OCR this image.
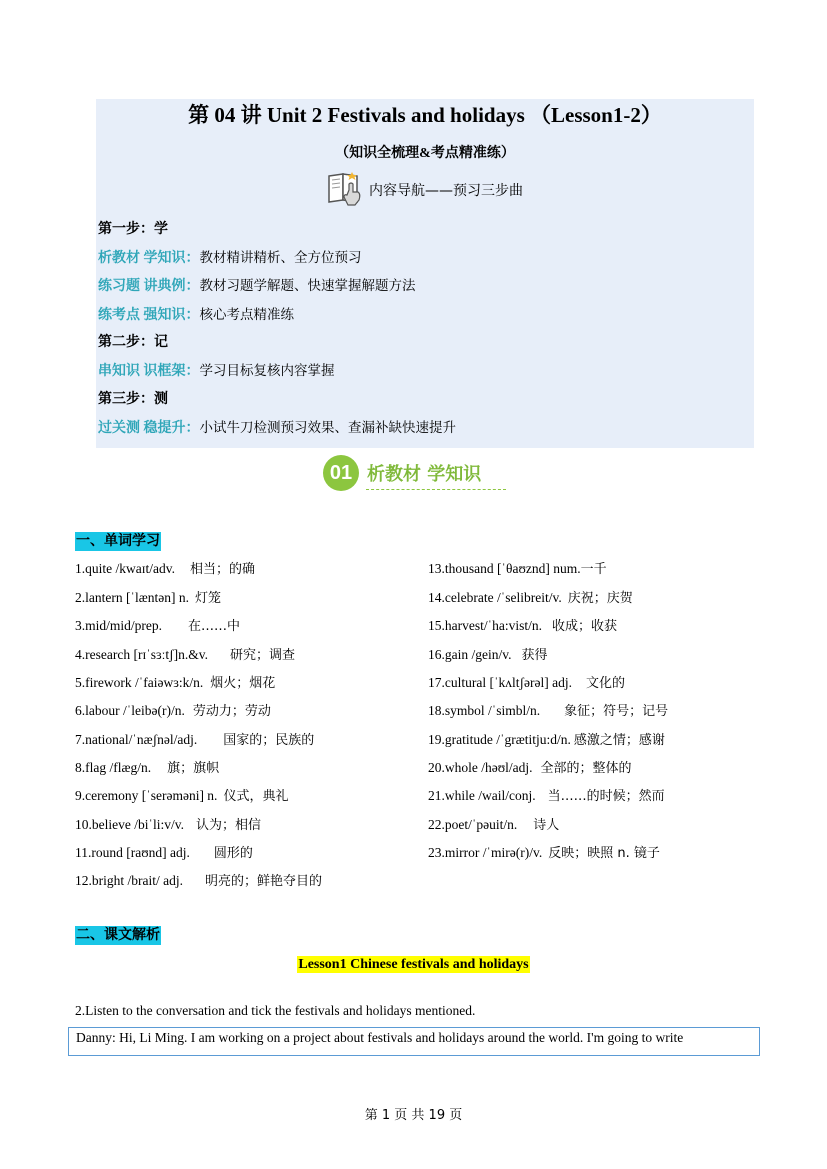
第 04 讲 Unit 2 Festivals and holidays （Lesson1-2）
（知识全梳理&考点精准练）
内容导航——预习三步曲
第一步：学
析教材 学知识：教材精讲精析、全方位预习
练习题 讲典例：教材习题学解题、快速掌握解题方法
练考点 强知识：核心考点精准练
第二步：记
串知识 识框架：学习目标复核内容掌握
第三步：测
过关测 稳提升：小试牛刀检测预习效果、查漏补缺快速提升
01 析教材 学知识
一、单词学习
1.quite /kwaɪt/adv. 相当；的确
2.lantern [ˈlæntən] n. 灯笼
3.mid/mid/prep. 在……中
4.research [rɪˈsɜːtʃ]n.&v. 研究；调查
5.firework /ˈfaiəwɜ:k/n. 烟火；烟花
6.labour /ˈleibə(r)/n. 劳动力；劳动
7.national/ˈnæʃnəl/adj. 国家的；民族的
8.flag /flæg/n. 旗；旗帜
9.ceremony [ˈserəməni] n. 仪式，典礼
10.believe /biˈli:v/v. 认为；相信
11.round [raʊnd] adj. 圆形的
12.bright /brait/ adj. 明亮的；鲜艳夺目的
13.thousand [ˈθaʊznd] num.一千
14.celebrate /ˈselibreit/v. 庆祝；庆贺
15.harvest/ˈha:vist/n. 收成；收获
16.gain /gein/v. 获得
17.cultural [ˈkʌltʃərəl] adj. 文化的
18.symbol /ˈsimbl/n. 象征；符号；记号
19.gratitude /ˈgrætitju:d/n. 感激之情；感谢
20.whole /həʊl/adj. 全部的；整体的
21.while /wail/conj. 当……的时候；然而
22.poet/ˈpəuit/n. 诗人
23.mirror /ˈmirə(r)/v. 反映；映照 n. 镜子
二、课文解析
Lesson1 Chinese festivals and holidays
2.Listen to the conversation and tick the festivals and holidays mentioned.
Danny: Hi, Li Ming. I am working on a project about festivals and holidays around the world. I'm going to write
第 1 页 共 19 页
